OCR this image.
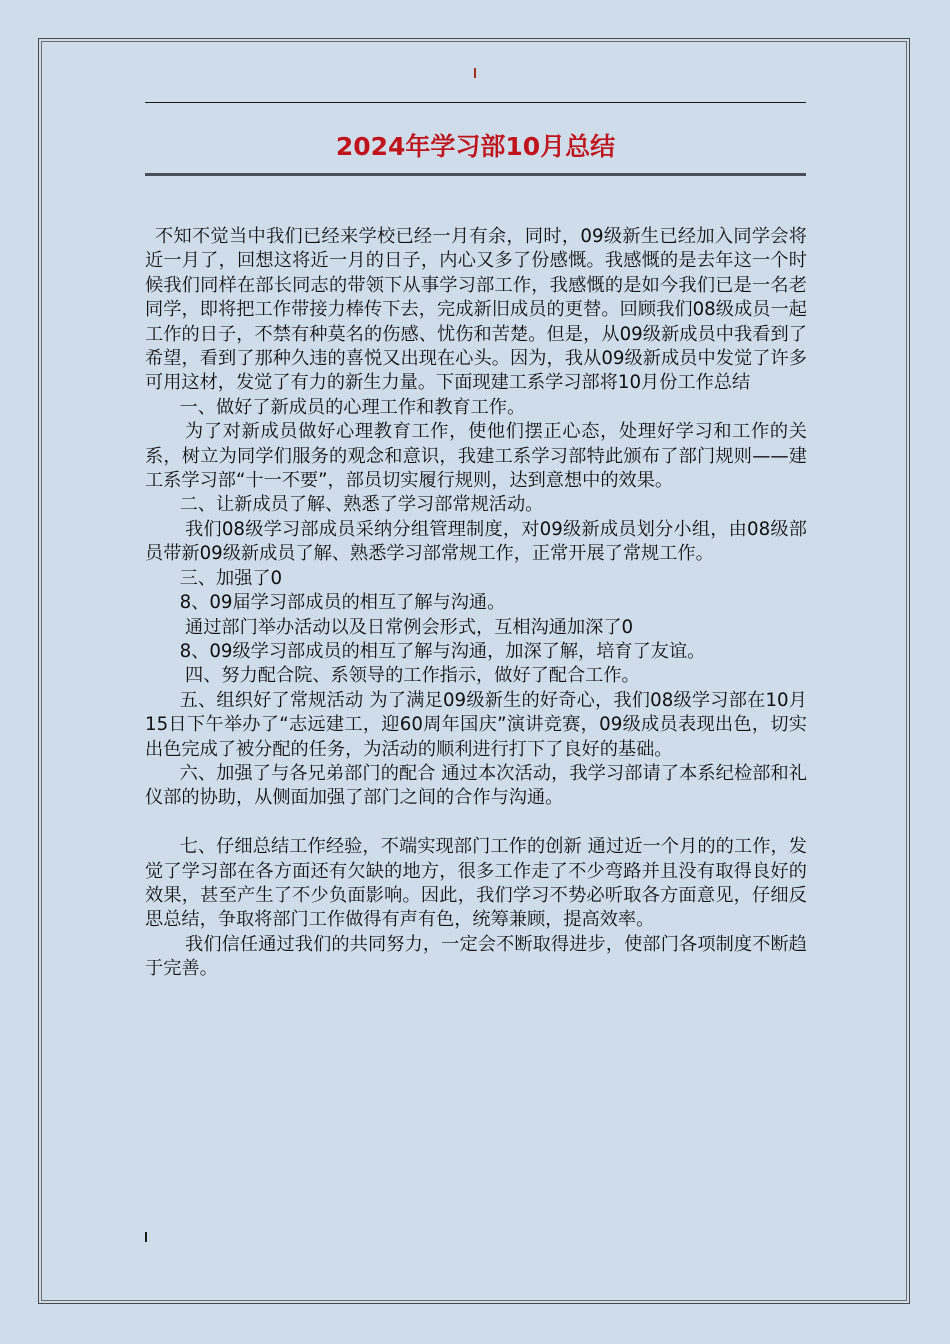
2024年学习部10月总结

不知不觉当中我们已经来学校已经一月有余，同时，09级新生已经加入同学会将近一月了，回想这将近一月的日子，内心又多了份感慨。我感慨的是去年这一个时候我们同样在部长同志的带领下从事学习部工作，我感慨的是如今我们已是一名老同学，即将把工作带接力棒传下去，完成新旧成员的更替。回顾我们08级成员一起工作的日子，不禁有种莫名的伤感、忧伤和苦楚。但是，从09级新成员中我看到了希望，看到了那种久违的喜悦又出现在心头。因为，我从09级新成员中发觉了许多可用这材，发觉了有力的新生力量。下面现建工系学习部将10月份工作总结

一、做好了新成员的心理工作和教育工作。

为了对新成员做好心理教育工作，使他们摆正心态，处理好学习和工作的关系，树立为同学们服务的观念和意识，我建工系学习部特此颁布了部门规则——建工系学习部“十一不要”，部员切实履行规则，达到意想中的效果。

二、让新成员了解、熟悉了学习部常规活动。

我们08级学习部成员采纳分组管理制度，对09级新成员划分小组，由08级部员带新09级新成员了解、熟悉学习部常规工作，正常开展了常规工作。

三、加强了0

8、09届学习部成员的相互了解与沟通。

通过部门举办活动以及日常例会形式，互相沟通加深了0

8、09级学习部成员的相互了解与沟通，加深了解，培育了友谊。

四、努力配合院、系领导的工作指示，做好了配合工作。

五、组织好了常规活动 为了满足09级新生的好奇心，我们08级学习部在10月15日下午举办了“志远建工，迎60周年国庆”演讲竞赛，09级成员表现出色，切实出色完成了被分配的任务，为活动的顺利进行打下了良好的基础。

六、加强了与各兄弟部门的配合 通过本次活动，我学习部请了本系纪检部和礼仪部的协助，从侧面加强了部门之间的合作与沟通。

七、仔细总结工作经验，不端实现部门工作的创新 通过近一个月的的工作，发觉了学习部在各方面还有欠缺的地方，很多工作走了不少弯路并且没有取得良好的效果，甚至产生了不少负面影响。因此，我们学习不势必听取各方面意见，仔细反思总结，争取将部门工作做得有声有色，统筹兼顾，提高效率。

我们信任通过我们的共同努力，一定会不断取得进步，使部门各项制度不断趋于完善。
